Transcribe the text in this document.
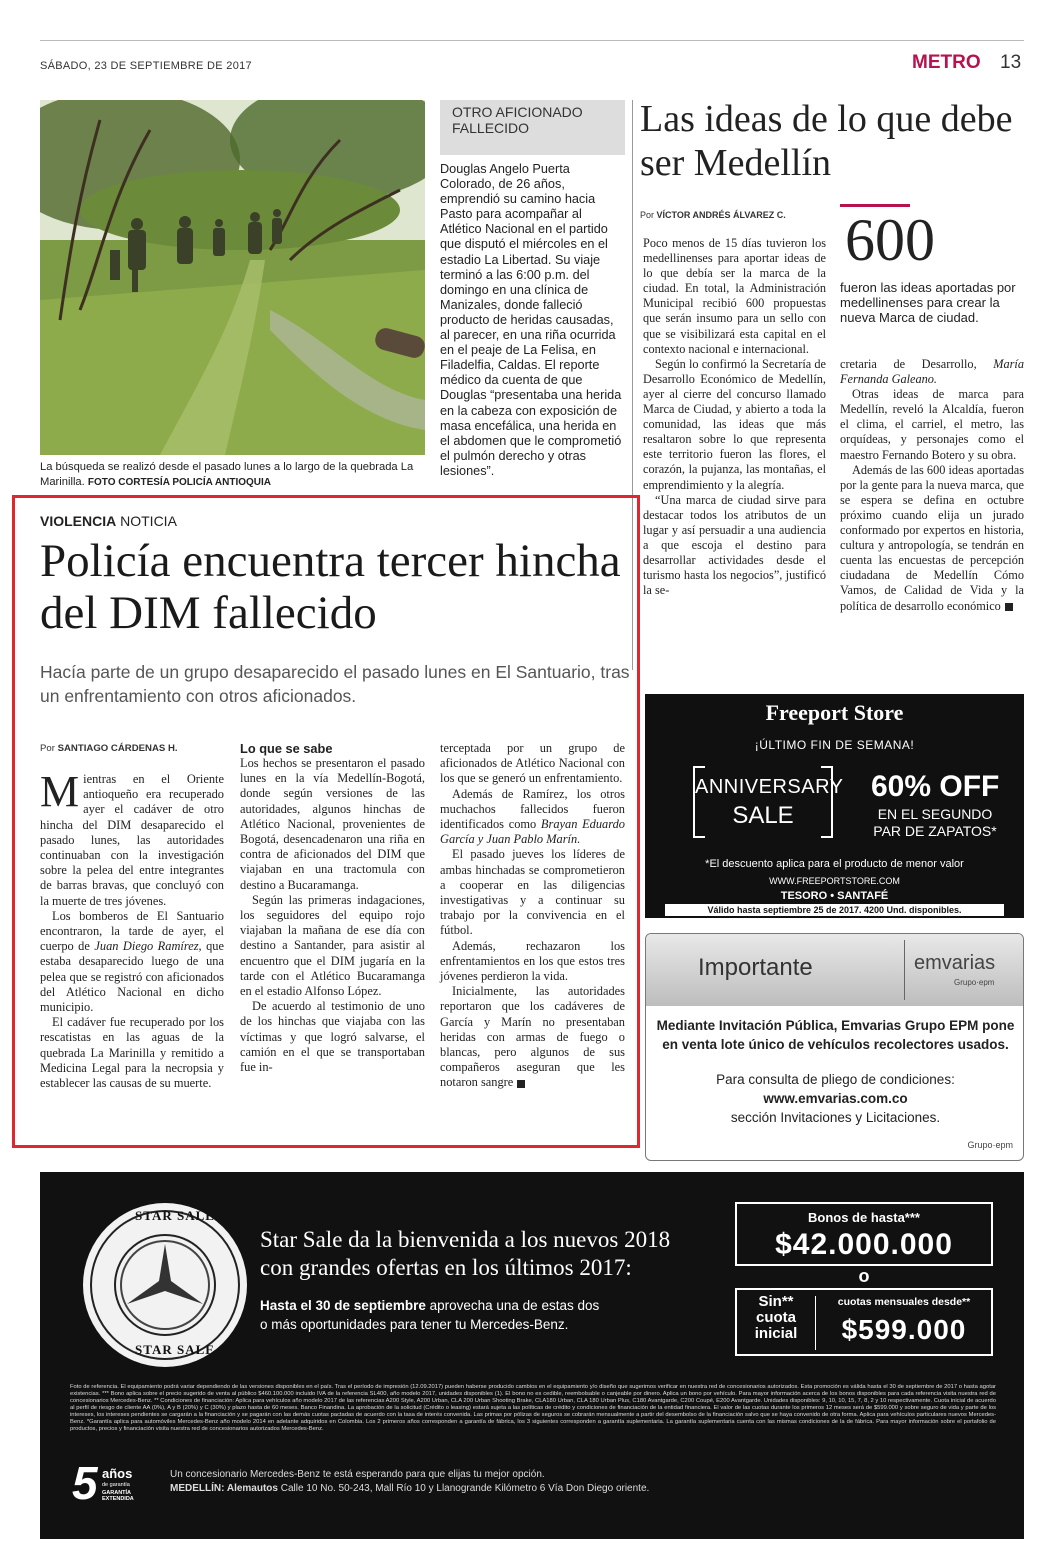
SÁBADO, 23 DE SEPTIEMBRE DE 2017	METRO 13
La búsqueda se realizó desde el pasado lunes a lo largo de la quebrada La Marinilla. FOTO CORTESÍA POLICÍA ANTIOQUIA
OTRO AFICIONADO FALLECIDO
Douglas Angelo Puerta Colorado, de 26 años, emprendió su camino hacia Pasto para acompañar al Atlético Nacional en el partido que disputó el miércoles en el estadio La Libertad. Su viaje terminó a las 6:00 p.m. del domingo en una clínica de Manizales, donde falleció producto de heridas causadas, al parecer, en una riña ocurrida en el peaje de La Felisa, en Filadelfia, Caldas. El reporte médico da cuenta de que Douglas “presentaba una herida en la cabeza con exposición de masa encefálica, una herida en el abdomen que le comprometió el pulmón derecho y otras lesiones”.
Las ideas de lo que debe ser Medellín
Por VÍCTOR ANDRÉS ÁLVAREZ C. 600
fueron las ideas aportadas por medellinenses para crear la nueva Marca de ciudad.

Poco menos de 15 días tuvieron los medellinenses para aportar ideas de lo que debía ser la marca de la ciudad. En total, la Administración Municipal recibió 600 propuestas que serán insumo para un sello con que se visibilizará esta capital en el contexto nacional e internacional.

Según lo confirmó la Secretaría de Desarrollo Económico de Medellín, ayer al cierre del concurso llamado Marca de Ciudad, y abierto a toda la comunidad, las ideas que más resaltaron sobre lo que representa este territorio fueron las flores, el corazón, la pujanza, las montañas, el emprendimiento y la alegría.

“Una marca de ciudad sirve para destacar todos los atributos de un lugar y así persuadir a una audiencia a que escoja el destino para desarrollar actividades desde el turismo hasta los negocios”, justificó la se-

cretaria de Desarrollo, María Fernanda Galeano.

Otras ideas de marca para Medellín, reveló la Alcaldía, fueron el clima, el carriel, el metro, las orquídeas, y personajes como el maestro Fernando Botero y su obra.

Además de las 600 ideas aportadas por la gente para la nueva marca, que se espera se defina en octubre próximo cuando elija un jurado conformado por expertos en historia, cultura y antropología, se tendrán en cuenta las encuestas de percepción ciudadana de Medellín Cómo Vamos, de Calidad de Vida y la política de desarrollo económico

VIOLENCIA NOTICIA
Policía encuentra tercer hincha del DIM fallecido
Hacía parte de un grupo desaparecido el pasado lunes en El Santuario, tras un enfrentamiento con otros aficionados.
Por SANTIAGO CÁRDENAS H.	Lo que se sabe

Mientras en el Oriente antioqueño era recuperado ayer el cadáver de otro hincha del DIM desaparecido el pasado lunes, las autoridades continuaban con la investigación sobre la pelea del entre integrantes de barras bravas, que concluyó con la muerte de tres jóvenes.

Los bomberos de El Santuario encontraron, la tarde de ayer, el cuerpo de Juan Diego Ramírez, que estaba desaparecido luego de una pelea que se registró con aficionados del Atlético Nacional en dicho municipio.

El cadáver fue recuperado por los rescatistas en las aguas de la quebrada La Marinilla y remitido a Medicina Legal para la necropsia y establecer las causas de su muerte.

Los hechos se presentaron el pasado lunes en la vía Medellín-Bogotá, donde según versiones de las autoridades, algunos hinchas de Atlético Nacional, provenientes de Bogotá, desencadenaron una riña en contra de aficionados del DIM que viajaban en una tractomula con destino a Bucaramanga.

Según las primeras indagaciones, los seguidores del equipo rojo viajaban la mañana de ese día con destino a Santander, para asistir al encuentro que el DIM jugaría en la tarde con el Atlético Bucaramanga en el estadio Alfonso López.

De acuerdo al testimonio de uno de los hinchas que viajaba con las víctimas y que logró salvarse, el camión en el que se transportaban fue in-

terceptada por un grupo de aficionados de Atlético Nacional con los que se generó un enfrentamiento.

Además de Ramírez, los otros muchachos fallecidos fueron identificados como Brayan Eduardo García y Juan Pablo Marín.

El pasado jueves los líderes de ambas hinchadas se comprometieron a cooperar en las diligencias investigativas y a continuar su trabajo por la convivencia en el fútbol.

Además, rechazaron los enfrentamientos en los que estos tres jóvenes perdieron la vida.

Inicialmente, las autoridades reportaron que los cadáveres de García y Marín no presentaban heridas con armas de fuego o blancas, pero algunos de sus compañeros aseguran que les notaron sangre

Freeport Store
¡ÚLTIMO FIN DE SEMANA!
ANNIVERSARY
SALE
60% OFF
EN EL SEGUNDO
PAR DE ZAPATOS*
*El descuento aplica para el producto de menor valor
WWW.FREEPORTSTORE.COM
TESORO • SANTAFÉ
Válido hasta septiembre 25 de 2017. 4200 Und. disponibles.
Importante	emvarias
Grupo·epm
Mediante Invitación Pública, Emvarias Grupo EPM pone en venta lote único de vehículos recolectores usados.
Para consulta de pliego de condiciones:
www.emvarias.com.co
sección Invitaciones y Licitaciones.
Grupo·epm
STAR SALE
STAR SALE
Star Sale da la bienvenida a los nuevos 2018
con grandes ofertas en los últimos 2017:
Hasta el 30 de septiembre aprovecha una de estas dos
o más oportunidades para tener tu Mercedes-Benz.
Bonos de hasta***
$42.000.000
o
Sin**
cuota
inicial
cuotas mensuales desde**
$599.000
Foto de referencia. El equipamiento podrá variar dependiendo de las versiones disponibles en el país. Tras el período de impresión (12.09.2017) pueden haberse producido cambios en el equipamiento y/o diseño que sugerimos verificar en nuestra red de concesionarios autorizados. Esta promoción es válida hasta el 30 de septiembre de 2017 o hasta agotar existencias. *** Bono aplica sobre el precio sugerido de venta al público $460.100.000 incluido IVA de la referencia SL400, año modelo 2017, unidades disponibles (1). El bono no es cedible, reembolsable o canjeable por dinero. Aplica un bono por vehículo. Para mayor información acerca de los bonos disponibles para cada referencia visita nuestra red de concesionarios Mercedes-Benz. ** Condiciones de financiación: Aplica para vehículos año modelo 2017 de las referencias A200 Style, A200 Urban, CLA 200 Urban Shooting Brake, CLA180 Urban, CLA 180 Urban Plus, C180 Avantgarde, C200 Coupé, E200 Avantgarde. Unidades disponibles: 9, 10, 10, 15, 7, 8, 2 y 10 respectivamente. Cuota inicial de acuerdo al perfil de riesgo de cliente AA (0%), A y B (20%) y C (30%) y plazo hasta de 60 meses. Banco Finandina. La aprobación de la solicitud (Crédito o leasing) estará sujeta a las políticas de crédito y condiciones de financiación de la entidad financiera. El valor de las cuotas durante los primeros 12 meses será de $599.000 y sobre seguro de vida y parte de los intereses, los intereses pendientes se cargarán a la financiación y se pagarán con las demás cuotas pactadas de acuerdo con la tasa de interés convenida. Las primas por pólizas de seguros se cobrarán mensualmente a partir del desembolso de la financiación salvo que se haya convenido de otra forma. Aplica para vehículos particulares nuevos Mercedes-Benz. *Garantía aplica para automóviles Mercedes-Benz año modelo 2014 en adelante adquiridos en Colombia. Los 2 primeros años corresponden a garantía de fábrica, los 3 siguientes corresponden a garantía suplementaria. La garantía suplementaria cuenta con las mismas condiciones de la de fábrica. Para mayor información sobre el portafolio de productos, precios y financiación visita nuestra red de concesionarios autorizados Mercedes-Benz.
5 años
de garantía
GARANTÍA EXTENDIDA
Un concesionario Mercedes-Benz te está esperando para que elijas tu mejor opción.
MEDELLÍN: Alemautos Calle 10 No. 50-243, Mall Río 10 y Llanogrande Kilómetro 6 Vía Don Diego oriente.
